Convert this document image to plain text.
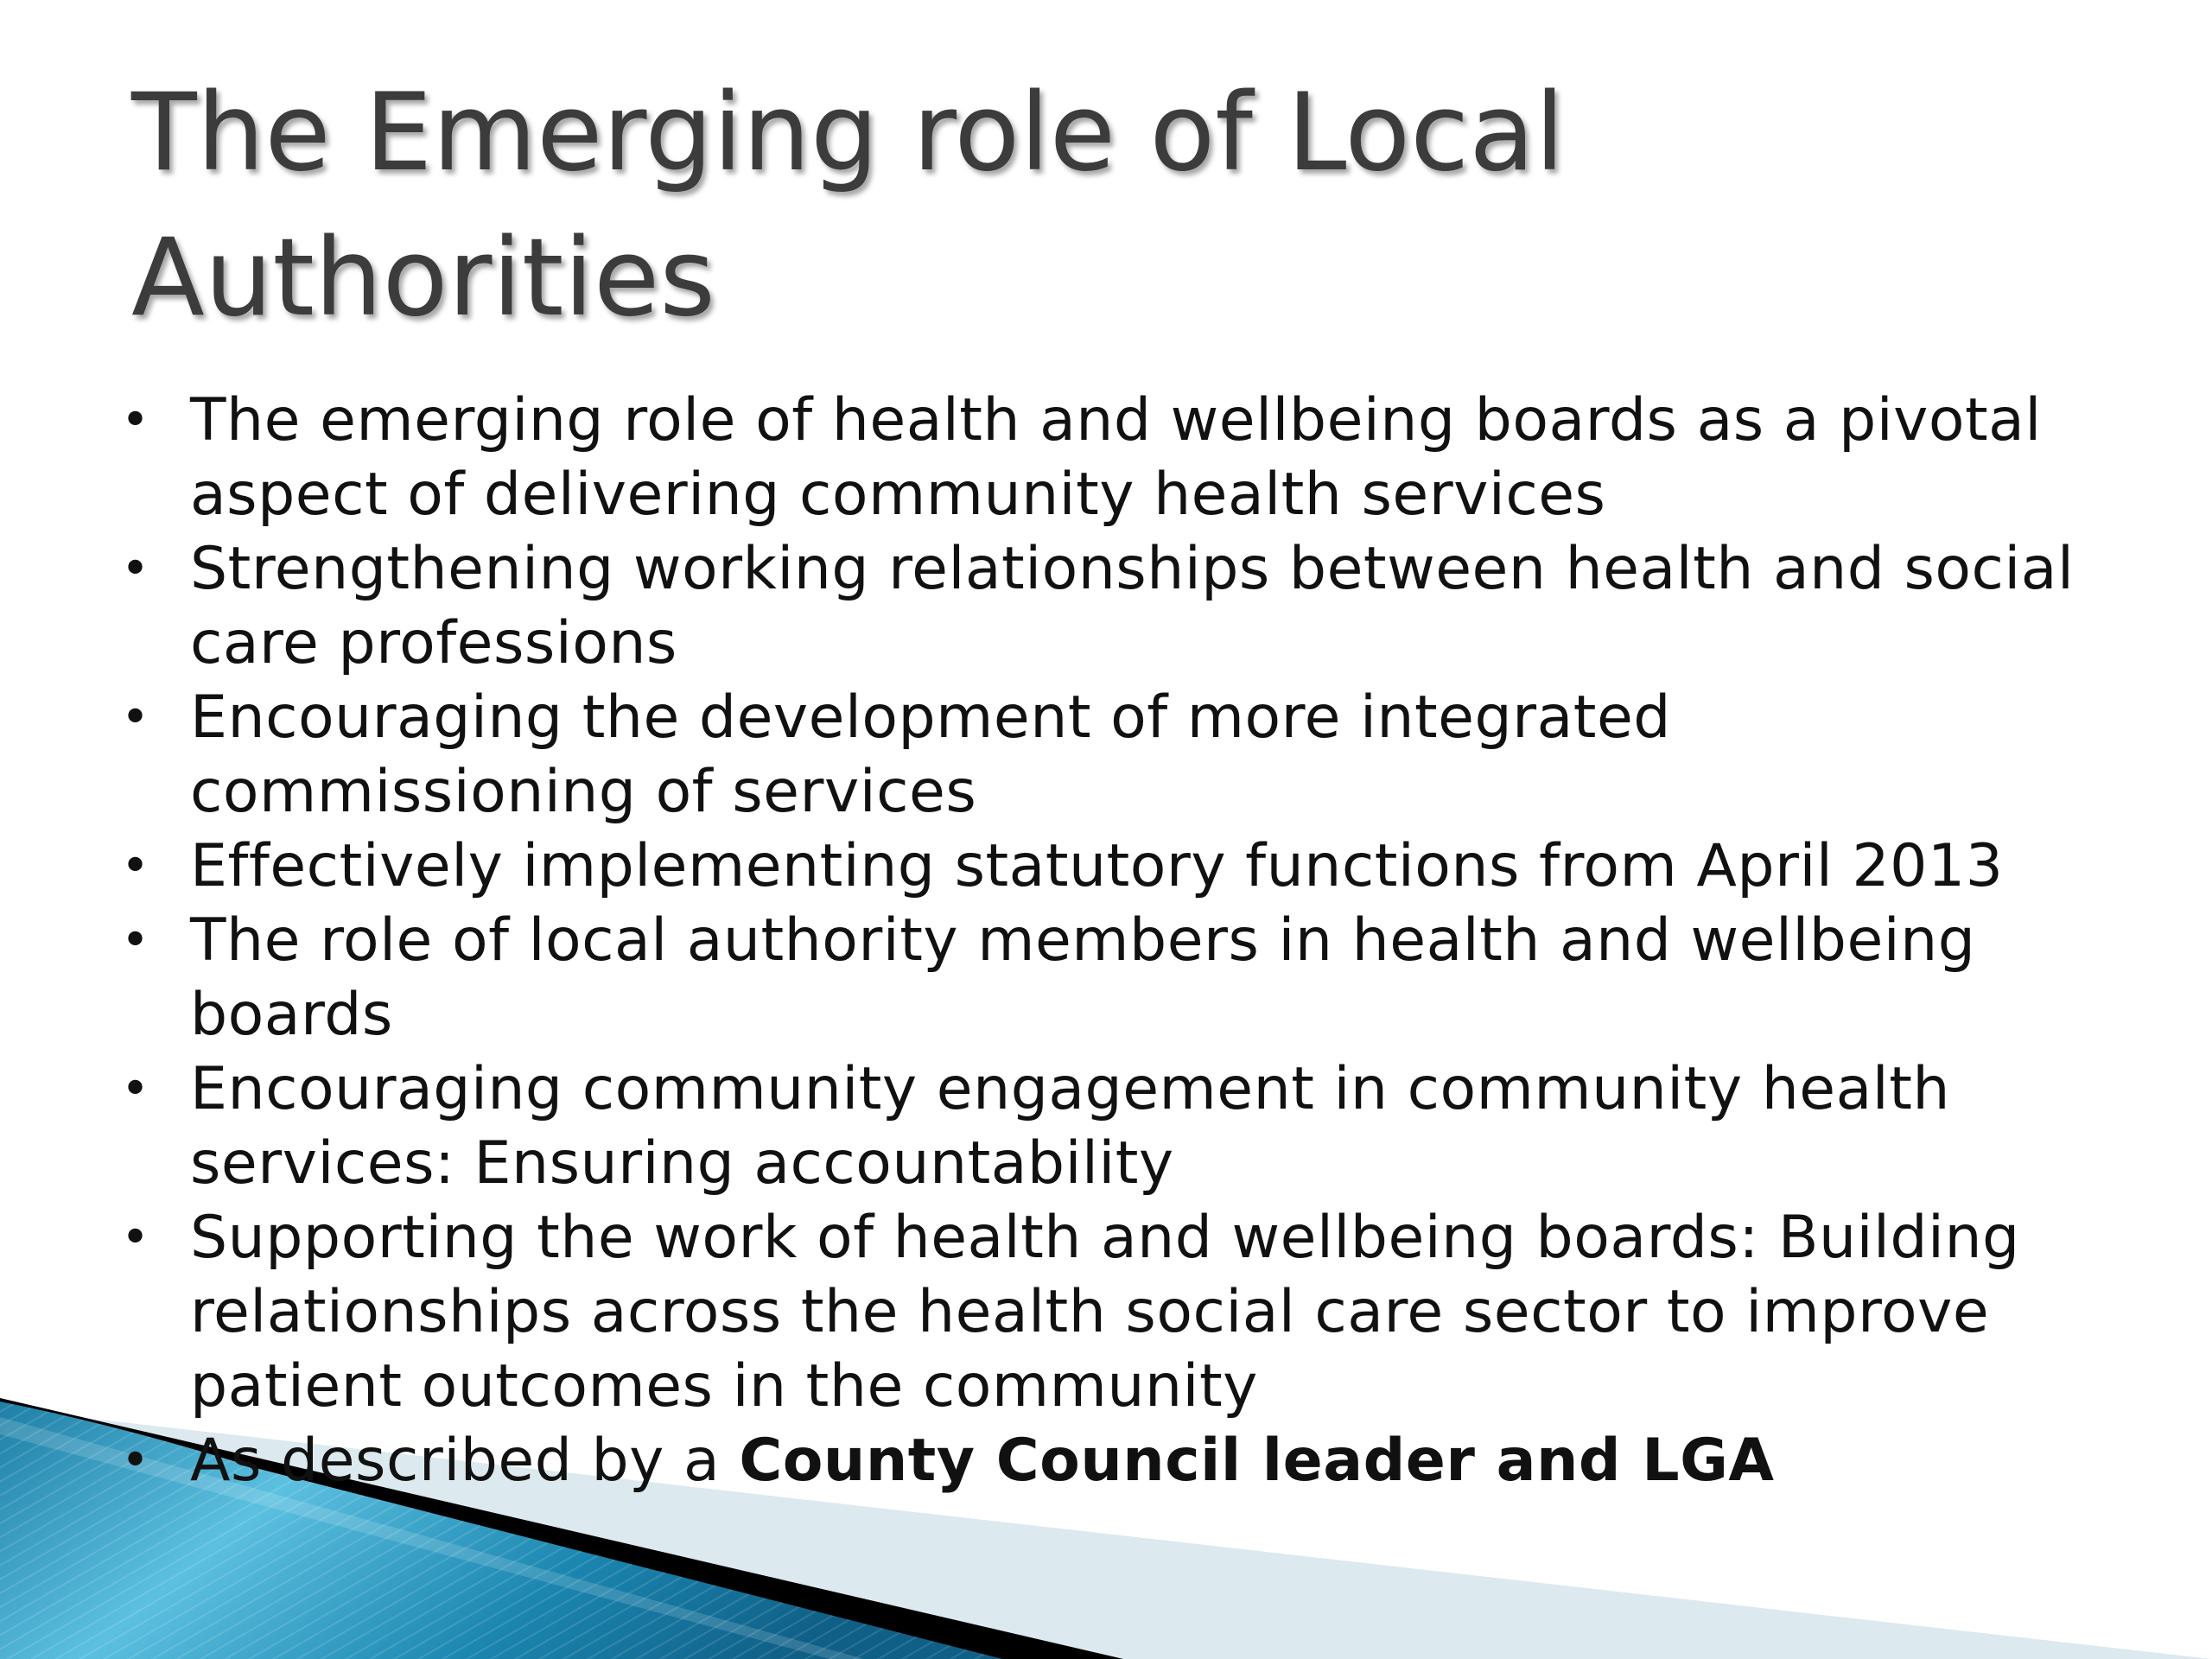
The Emerging role of Local Authorities
• The emerging role of health and wellbeing boards as a pivotal aspect of delivering community health services
• Strengthening working relationships between health and social care professions
• Encouraging the development of more integrated commissioning of services
• Effectively implementing statutory functions from April 2013
• The role of local authority members in health and wellbeing boards
• Encouraging community engagement in community health services: Ensuring accountability
• Supporting the work of health and wellbeing boards: Building relationships across the health social care sector to improve patient outcomes in the community
• As described by a County Council leader and LGA
